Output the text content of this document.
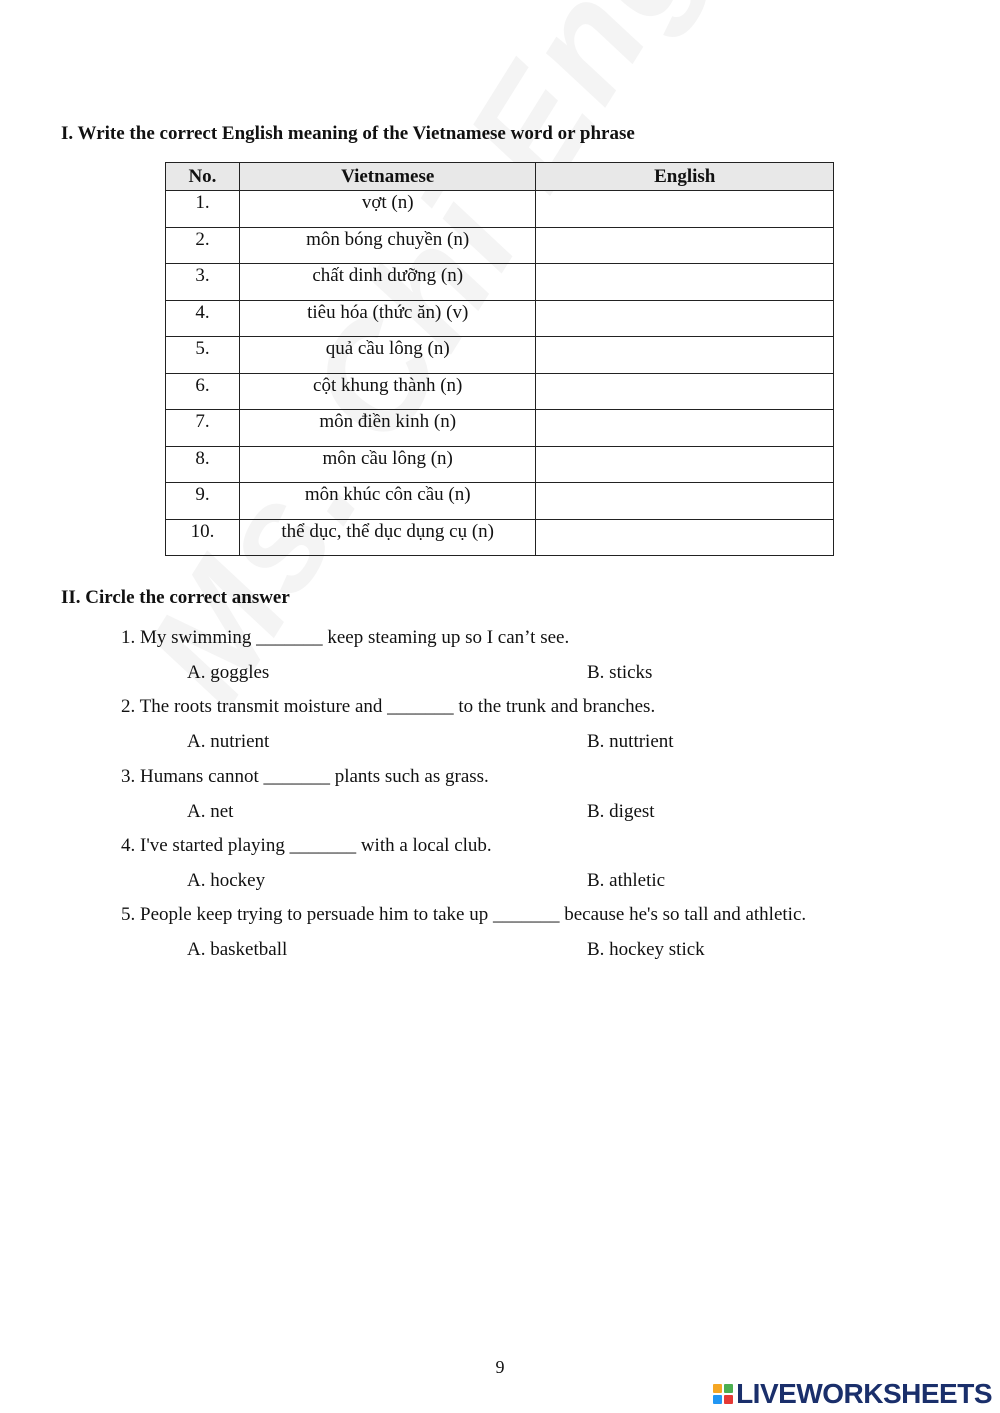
I. Write the correct English meaning of the Vietnamese word or phrase
No.	Vietnamese	English
1.	vợt (n)	
2.	môn bóng chuyền (n)	
3.	chất dinh dưỡng (n)	
4.	tiêu hóa (thức ăn) (v)	
5.	quả cầu lông (n)	
6.	cột khung thành (n)	
7.	môn điền kinh (n)	
8.	môn cầu lông (n)	
9.	môn khúc côn cầu (n)	
10.	thể dục, thể dục dụng cụ (n)	
II. Circle the correct answer
1. My swimming _______ keep steaming up so I can’t see.
A. goggles	B. sticks
2. The roots transmit moisture and _______ to the trunk and branches.
A. nutrient	B. nuttrient
3. Humans cannot _______ plants such as grass.
A. net	B. digest
4. I've started playing _______ with a local club.
A. hockey	B. athletic
5. People keep trying to persuade him to take up _______ because he's so tall and athletic.
A. basketball	B. hockey stick
9
LIVEWORKSHEETS
